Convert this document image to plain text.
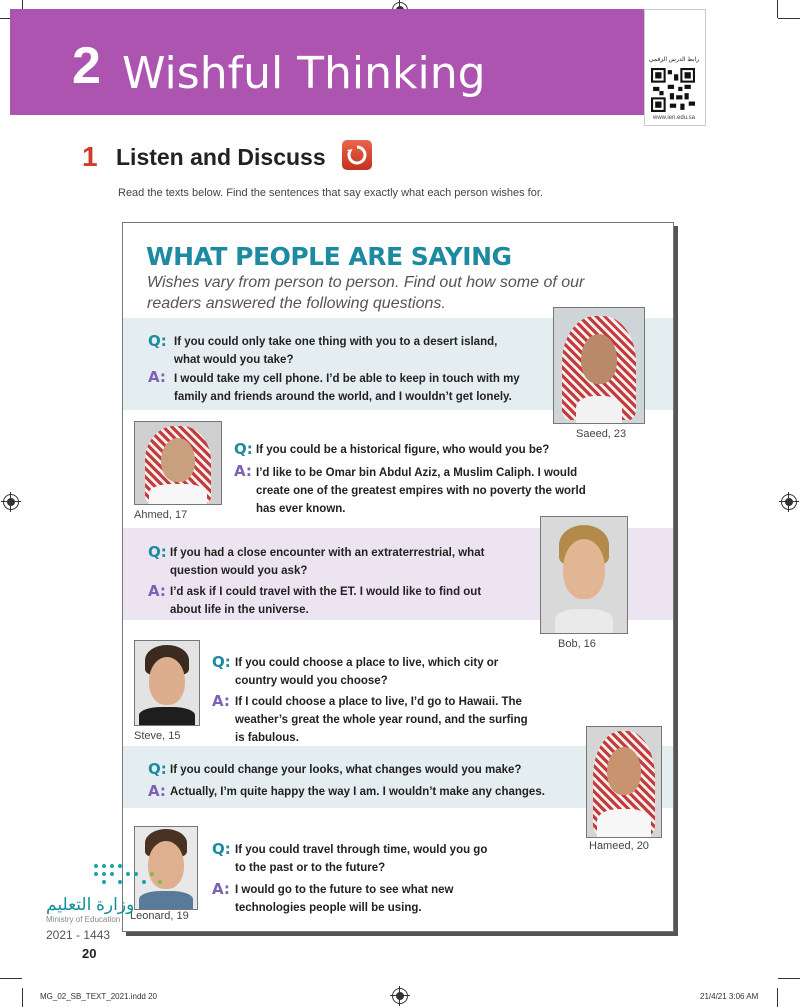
2 Wishful Thinking	رابط الدرس الرقمي
www.ien.edu.sa
1 Listen and Discuss
Read the texts below. Find the sentences that say exactly what each person wishes for.
WHAT PEOPLE ARE SAYING
Wishes vary from person to person. Find out how some of our readers answered the following questions.
Q: If you could only take one thing with you to a desert island, what would you take?
A: I would take my cell phone. I’d be able to keep in touch with my family and friends around the world, and I wouldn’t get lonely.
Saeed, 23
Ahmed, 17
Q: If you could be a historical figure, who would you be?
A: I’d like to be Omar bin Abdul Aziz, a Muslim Caliph. I would create one of the greatest empires with no poverty the world has ever known.
Q: If you had a close encounter with an extraterrestrial, what question would you ask?
A: I’d ask if I could travel with the ET. I would like to find out about life in the universe.
Bob, 16
Steve, 15
Q: If you could choose a place to live, which city or country would you choose?
A: If I could choose a place to live, I’d go to Hawaii. The weather’s great the whole year round, and the surfing is fabulous.
Q: If you could change your looks, what changes would you make?
A: Actually, I’m quite happy the way I am. I wouldn’t make any changes.
Hameed, 20
Leonard, 19
Q: If you could travel through time, would you go to the past or to the future?
A: I would go to the future to see what new technologies people will be using.
وزارة التعليم
Ministry of Education
2021 - 1443
20
MG_02_SB_TEXT_2021.indd 20	21/4/21 3:06 AM
